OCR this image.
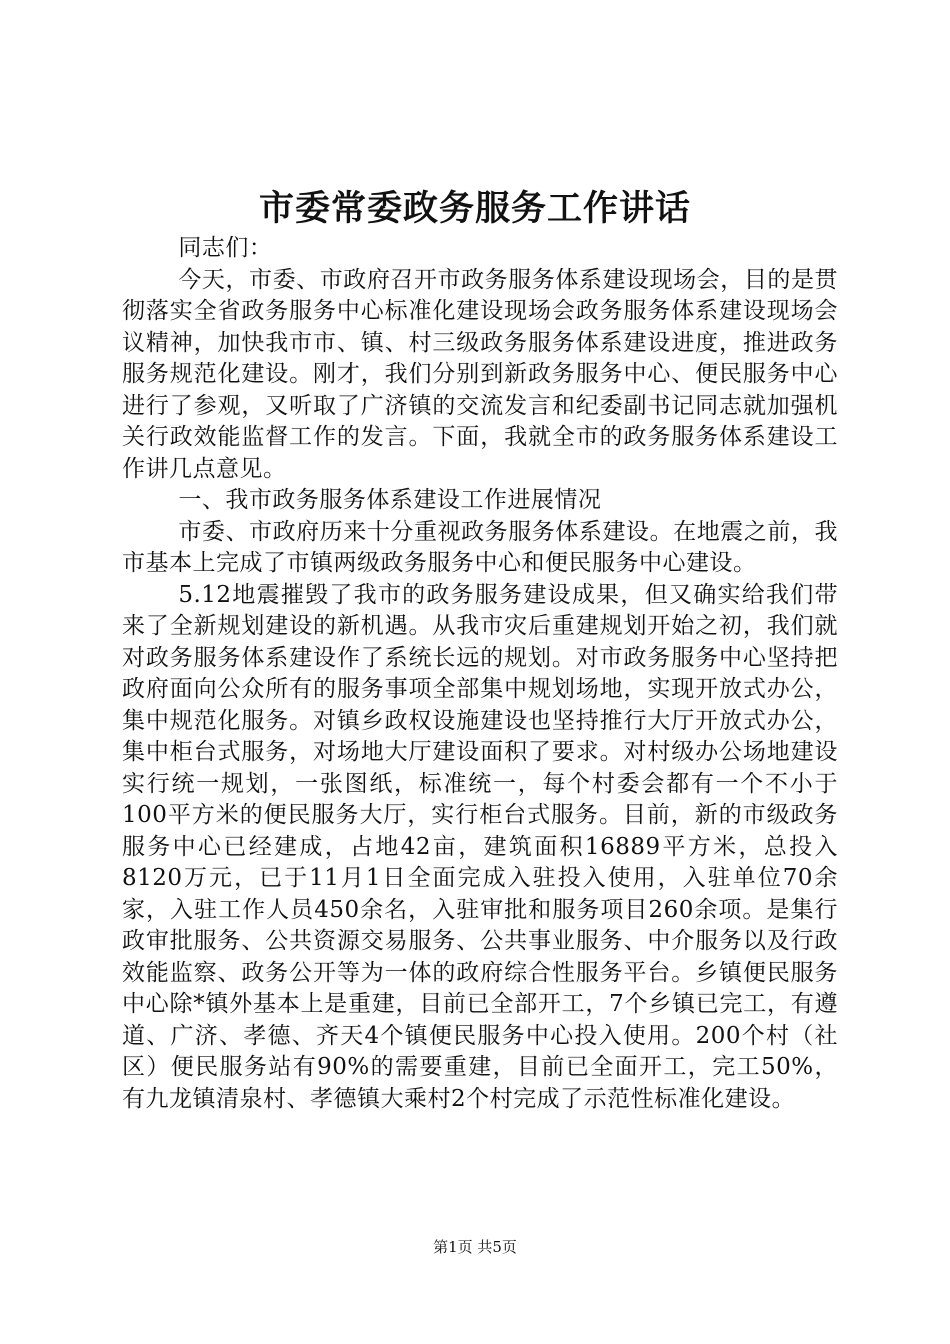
市委常委政务服务工作讲话

同志们：

今天，市委、市政府召开市政务服务体系建设现场会，目的是贯彻落实全省政务服务中心标准化建设现场会政务服务体系建设现场会议精神，加快我市市、镇、村三级政务服务体系建设进度，推进政务服务规范化建设。刚才，我们分别到新政务服务中心、便民服务中心进行了参观，又听取了广济镇的交流发言和纪委副书记同志就加强机关行政效能监督工作的发言。下面，我就全市的政务服务体系建设工作讲几点意见。

一、我市政务服务体系建设工作进展情况

市委、市政府历来十分重视政务服务体系建设。在地震之前，我市基本上完成了市镇两级政务服务中心和便民服务中心建设。

5.12地震摧毁了我市的政务服务建设成果，但又确实给我们带来了全新规划建设的新机遇。从我市灾后重建规划开始之初，我们就对政务服务体系建设作了系统长远的规划。对市政务服务中心坚持把政府面向公众所有的服务事项全部集中规划场地，实现开放式办公，集中规范化服务。对镇乡政权设施建设也坚持推行大厅开放式办公，集中柜台式服务，对场地大厅建设面积了要求。对村级办公场地建设实行统一规划，一张图纸，标准统一，每个村委会都有一个不小于100平方米的便民服务大厅，实行柜台式服务。目前，新的市级政务服务中心已经建成，占地42亩，建筑面积16889平方米，总投入8120万元，已于11月1日全面完成入驻投入使用，入驻单位70余家，入驻工作人员450余名，入驻审批和服务项目260余项。是集行政审批服务、公共资源交易服务、公共事业服务、中介服务以及行政效能监察、政务公开等为一体的政府综合性服务平台。乡镇便民服务中心除*镇外基本上是重建，目前已全部开工，7个乡镇已完工，有遵道、广济、孝德、齐天4个镇便民服务中心投入使用。200个村（社区）便民服务站有90%的需要重建，目前已全面开工，完工50%，有九龙镇清泉村、孝德镇大乘村2个村完成了示范性标准化建设。

第1页 共5页
